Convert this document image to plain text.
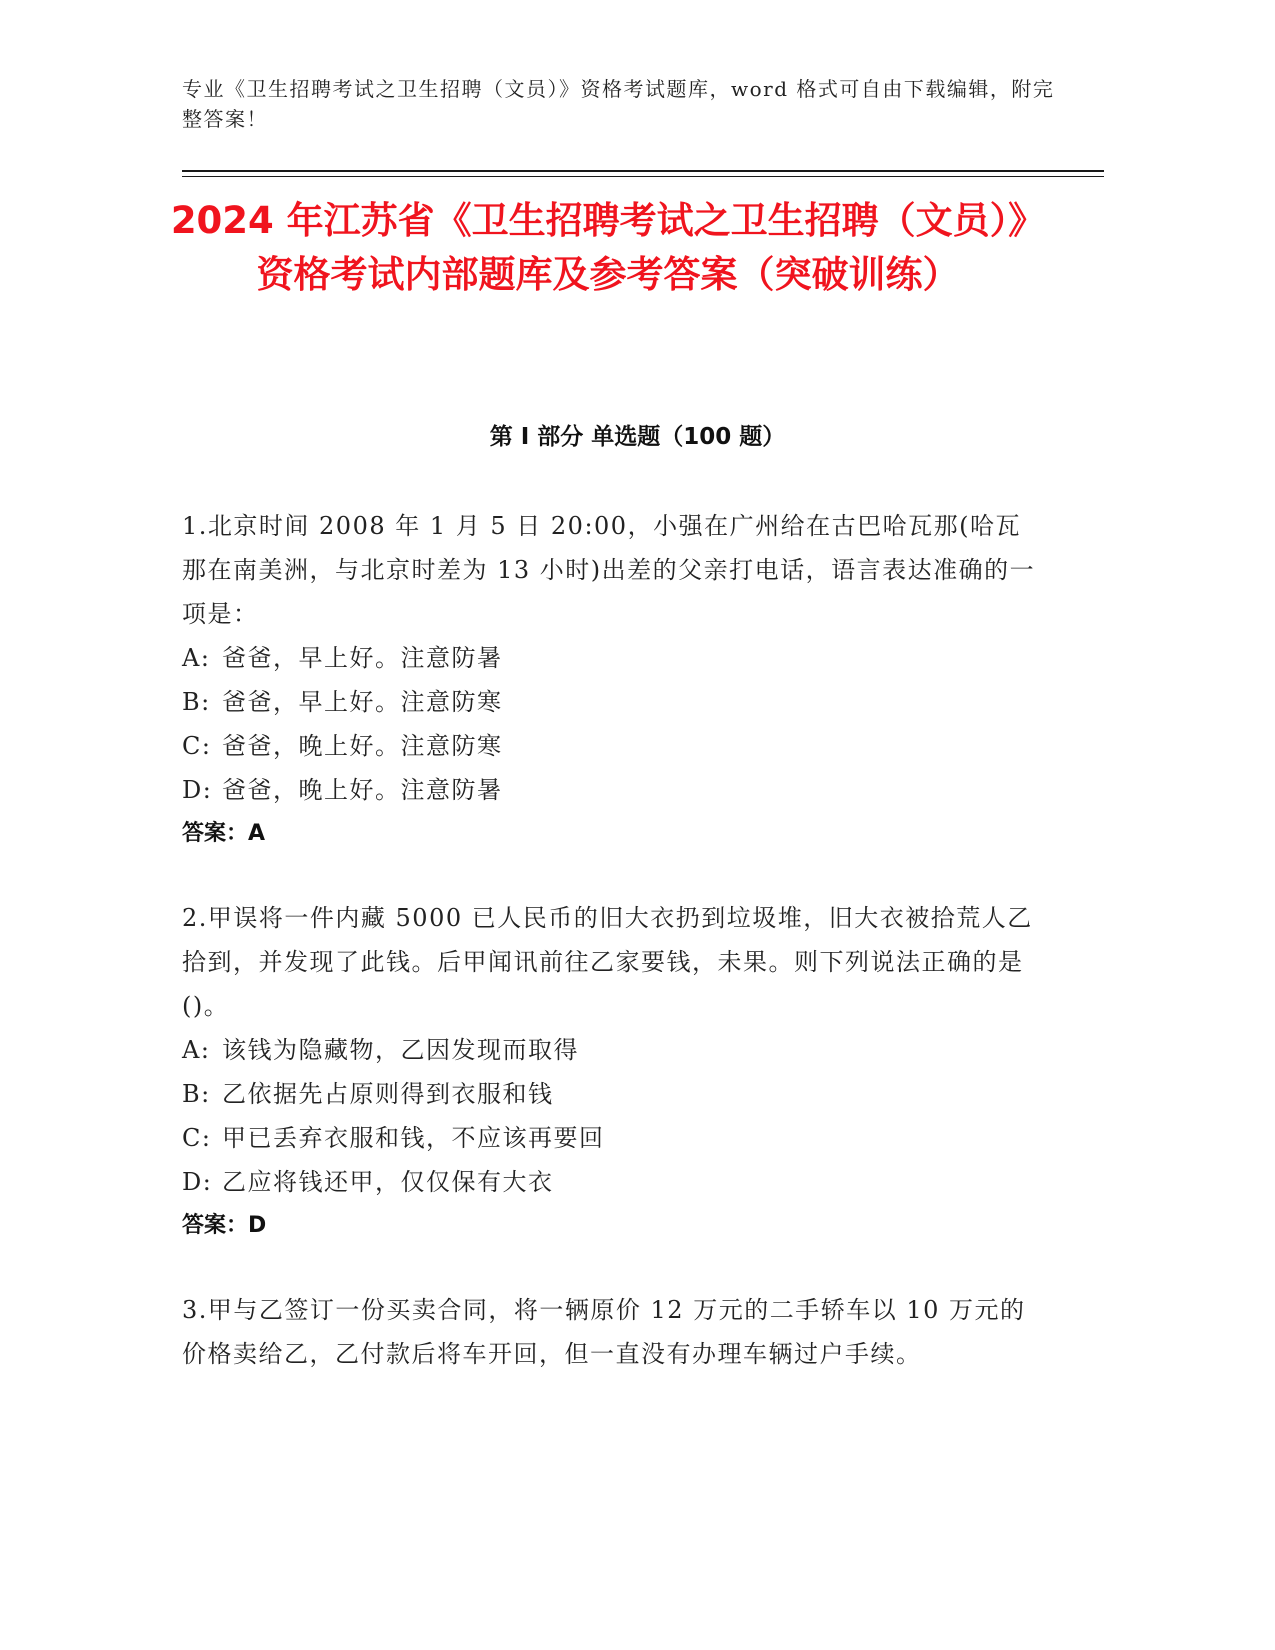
专业《卫生招聘考试之卫生招聘（文员）》资格考试题库，word 格式可自由下载编辑，附完整答案！
2024 年江苏省《卫生招聘考试之卫生招聘（文员）》资格考试内部题库及参考答案（突破训练）
第 I 部分 单选题（100 题）
1.北京时间 2008 年 1 月 5 日 20:00，小强在广州给在古巴哈瓦那(哈瓦那在南美洲，与北京时差为 13 小时)出差的父亲打电话，语言表达准确的一项是：
A: 爸爸，早上好。注意防暑
B: 爸爸，早上好。注意防寒
C: 爸爸，晚上好。注意防寒
D: 爸爸，晚上好。注意防暑
答案：A
2.甲误将一件内藏 5000 已人民币的旧大衣扔到垃圾堆，旧大衣被拾荒人乙拾到，并发现了此钱。后甲闻讯前往乙家要钱，未果。则下列说法正确的是()。
A: 该钱为隐藏物，乙因发现而取得
B: 乙依据先占原则得到衣服和钱
C: 甲已丢弃衣服和钱，不应该再要回
D: 乙应将钱还甲，仅仅保有大衣
答案：D
3.甲与乙签订一份买卖合同，将一辆原价 12 万元的二手轿车以 10 万元的价格卖给乙，乙付款后将车开回，但一直没有办理车辆过户手续。
